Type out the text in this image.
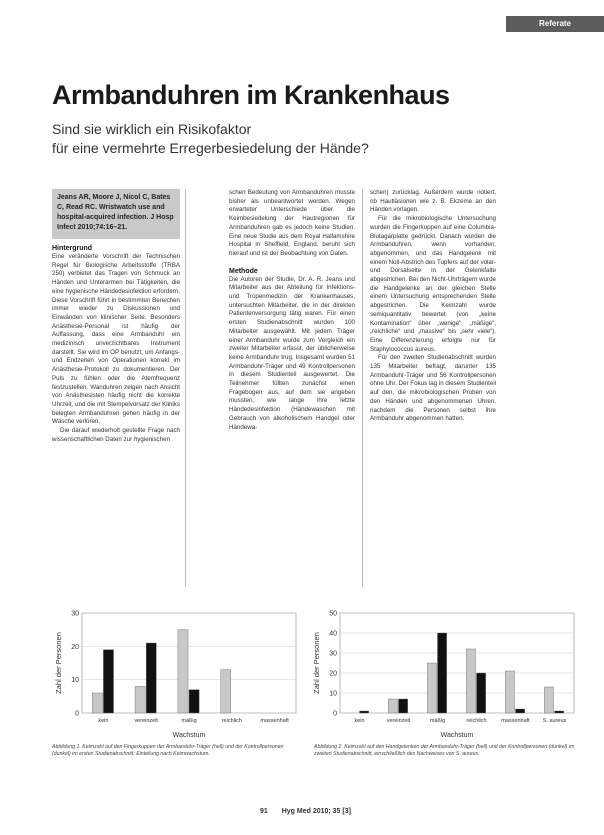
Referate
Armbanduhren im Krankenhaus
Sind sie wirklich ein Risikofaktor
für eine vermehrte Erregerbesiedelung der Hände?
Jeans AR, Moore J, Nicol C, Bates C, Read RC. Wristwatch use and hospital-acquired infection. J Hosp Infect 2010;74:16–21.
Hintergrund

Eine veränderte Vorschrift der Technischen Regel für Biologische Arbeitsstoffe (TRBA 250) verbietet das Tragen von Schmuck an Händen und Unterarmen bei Tätigkeiten, die eine hygienische Händedesinfektion erfordern. Diese Vorschrift führt in bestimmten Bereichen immer wieder zu Diskussionen und Einwänden von klinischer Seite. Besonders Anästhesie-Personal ist häufig der Auffassung, dass eine Armbanduhr ein medizinisch unverzichtbares Instrument darstellt. Sie wird im OP benutzt, um Anfangs- und Endzeiten von Operationen korrekt im Anästhesie-Protokoll zu dokumentieren. Der Puls zu fühlen oder die Atemfrequenz festzustellen. Wanduhren zeigen nach Ansicht von Anästhesisten häufig nicht die korrekte Uhrzeit, und die mit Stempelvorsatz der Kliniks belegten Armbanduhren gehen häufig in der Wäsche verloren.

Die darauf wiederholt gestellte Frage nach wissenschaftlichen Daten zur hygienischen

schen Bedeutung von Armbanduhren musste bisher als unbeantwortet werden. Wegen erwarteter Unterschiede über die Keimbesiedelung der Hautregionen für Armbanduhren gab es jedoch keine Studien. Eine neue Studie aus dem Royal Hallamshire Hospital in Sheffield, England, beruht sich hierauf und ist der Beobachtung von Daten.

Methode

Die Autoren der Studie, Dr. A. R. Jeans und Mitarbeiter aus der Abteilung für Infektions- und Tropenmedizin der Krankenhauses, untersuchten Mitarbeiter, die in der direkten Patientenversorgung tätig waren. Für einen ersten Studienabschnitt wurden 100 Mitarbeiter ausgewählt. Mit jedem Träger einer Armbanduhr wurde zum Vergleich ein zweiter Mitarbeiter erfasst, der üblicherweise keine Armbanduhr trug. Insgesamt wurden 51 Armbanduhr-Träger und 49 Kontrollpersonen in diesem Studienteil ausgewertet. Die Teilnehmer füllten zunächst einen Fragebogen aus, auf dem sie angeben mussten, wie lange ihre letzte Händedesinfektion (Händewaschen mit Gebrauch von alkoholischem Handgel oder Händewa-

schen) zurücklag. Außerdem wurde notiert, ob Hautläsionen wie z. B. Ekzeme an den Händen vorlagen.

Für die mikrobiologische Untersuchung wurden die Fingerkuppen auf eine Columbia-Blutagarplatte gedrückt. Danach wurden die Armbanduhren, wenn vorhanden, abgenommen, und das Handgelenk mit einem Noll-Abstrich des Tupfers auf der volar- und Dorsalseite in der Gelenkfalte abgestrichen. Bei den Nicht-Uhrträgern wurde die Handgelenke an der gleichen Stelle einem Untersuchung entsprechenden Stelle abgestrichen. Die Keimzahl wurde semiquantitativ bewertet (von „keine Kontamination“ über „wenige“, „mäßige“, „reichliche“ und „massive“ bis „sehr viele“). Eine Differenzierung erfolgte nur für Staphylococcus aureus.

Für den zweiten Studienabschnitt wurden 135 Mitarbeiter befragt, darunter 135 Armbanduhr-Träger und 56 Kontrollpersonen ohne Uhr. Der Fokus lag in diesem Studienteil auf den, die mikrobiologischen Proben von den Händen und abgenommenen Uhren, nachdem die Personen selbst ihre Armbanduhr abgenommen hatten.

0
10
20
30
kein	vereinzelt	mäßig	reichlich	massenhaft
Wachstum
Zahl der Personen
0
10
20
30
40
50
kein	vereinzelt	mäßig	reichlich	massenhaft S. aureus
Wachstum
Zahl der Personen
Abbildung 1. Keimzahl auf den Fingerkuppen der Armbanduhr-Träger (hell) und der Kontrollpersonen (dunkel) im ersten Studienabschnitt; Einteilung nach Keimwachstum.
Abbildung 2. Keimzahl auf den Handgelenken der Armbanduhr-Träger (hell) und der Kontrollpersonen (dunkel) im zweiten Studienabschnitt, einschließlich des Nachweises von S. aureus.
91 Hyg Med 2010; 35 [3]
